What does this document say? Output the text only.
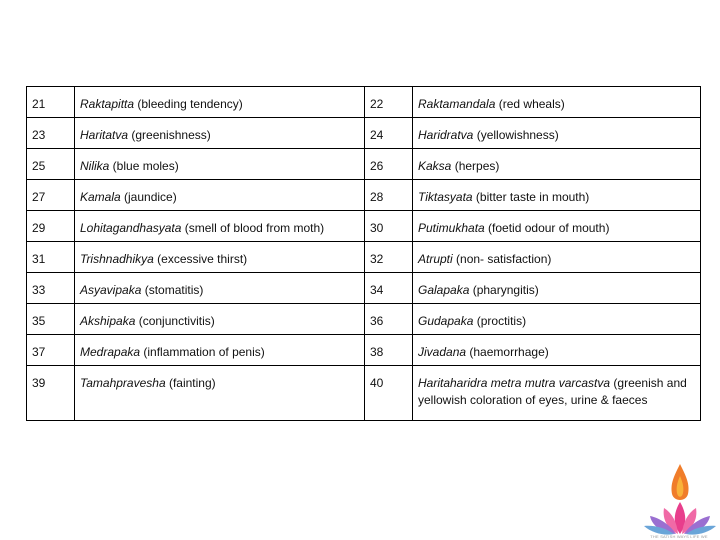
21	Raktapitta (bleeding tendency)	22	Raktamandala (red wheals)
23	Haritatva (greenishness)	24	Haridratva (yellowishness)
25	Nilika (blue moles)	26	Kaksa (herpes)
27	Kamala (jaundice)	28	Tiktasyata (bitter taste in mouth)
29	Lohitagandhasyata (smell of blood from moth)	30	Putimukhata (foetid odour of mouth)
31	Trishnadhikya (excessive thirst)	32	Atrupti (non- satisfaction)
33	Asyavipaka (stomatitis)	34	Galapaka (pharyngitis)
35	Akshipaka (conjunctivitis)	36	Gudapaka (proctitis)
37	Medrapaka (inflammation of penis)	38	Jivadana (haemorrhage)
39	Tamahpravesha (fainting)	40	Haritaharidra metra mutra varcastva (greenish and yellowish coloration of eyes, urine & faeces
THE SATISH WAYS LIFE WE
